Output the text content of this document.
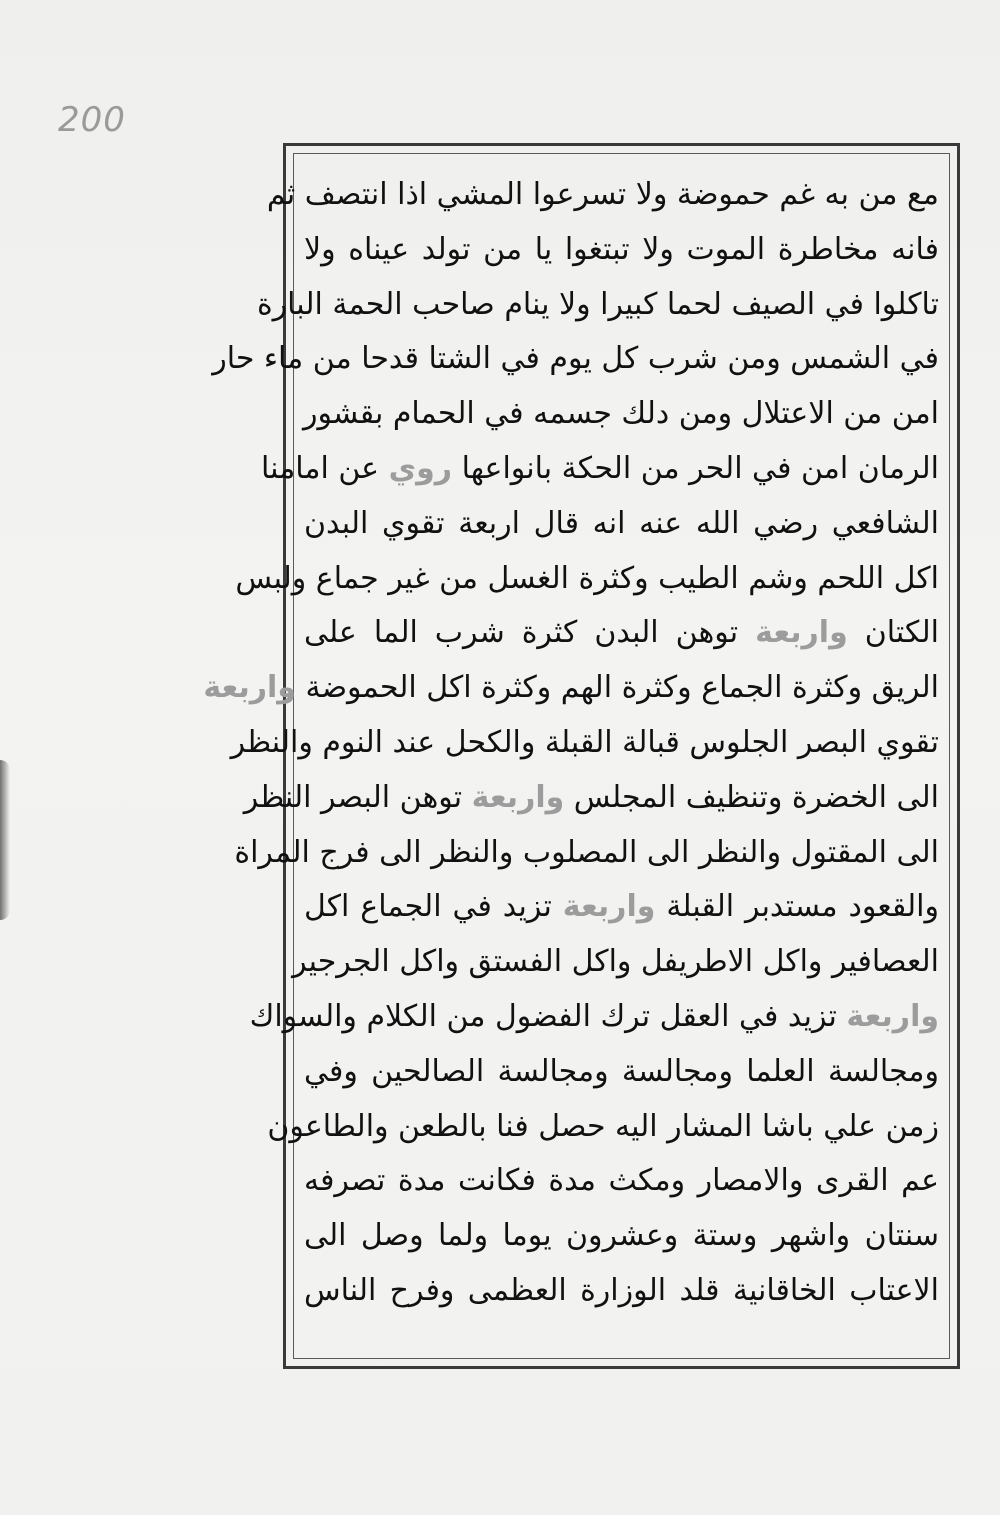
200
مع من به غم حموضة ولا تسرعوا المشي اذا انتصف ثم
فانه مخاطرة الموت ولا تبتغوا يا من تولد عيناه ولا
تاكلوا في الصيف لحما كبيرا ولا ينام صاحب الحمة البارة
في الشمس ومن شرب كل يوم في الشتا قدحا من ماء حار
امن من الاعتلال ومن دلك جسمه في الحمام بقشور
الرمان امن في الحر من الحكة بانواعها روي عن امامنا
الشافعي رضي الله عنه انه قال اربعة تقوي البدن
اكل اللحم وشم الطيب وكثرة الغسل من غير جماع ولبس
الكتان واربعة توهن البدن كثرة شرب الما على
الريق وكثرة الجماع وكثرة الهم وكثرة اكل الحموضة واربعة
تقوي البصر الجلوس قبالة القبلة والكحل عند النوم والنظر
الى الخضرة وتنظيف المجلس واربعة توهن البصر النظر
الى المقتول والنظر الى المصلوب والنظر الى فرج المراة
والقعود مستدبر القبلة واربعة تزيد في الجماع اكل
العصافير واكل الاطريفل واكل الفستق واكل الجرجير
واربعة تزيد في العقل ترك الفضول من الكلام والسواك
ومجالسة العلما ومجالسة ومجالسة الصالحين وفي
زمن علي باشا المشار اليه حصل فنا بالطعن والطاعون
عم القرى والامصار ومكث مدة فكانت مدة تصرفه
سنتان واشهر وستة وعشرون يوما ولما وصل الى
الاعتاب الخاقانية قلد الوزارة العظمى وفرح الناس
